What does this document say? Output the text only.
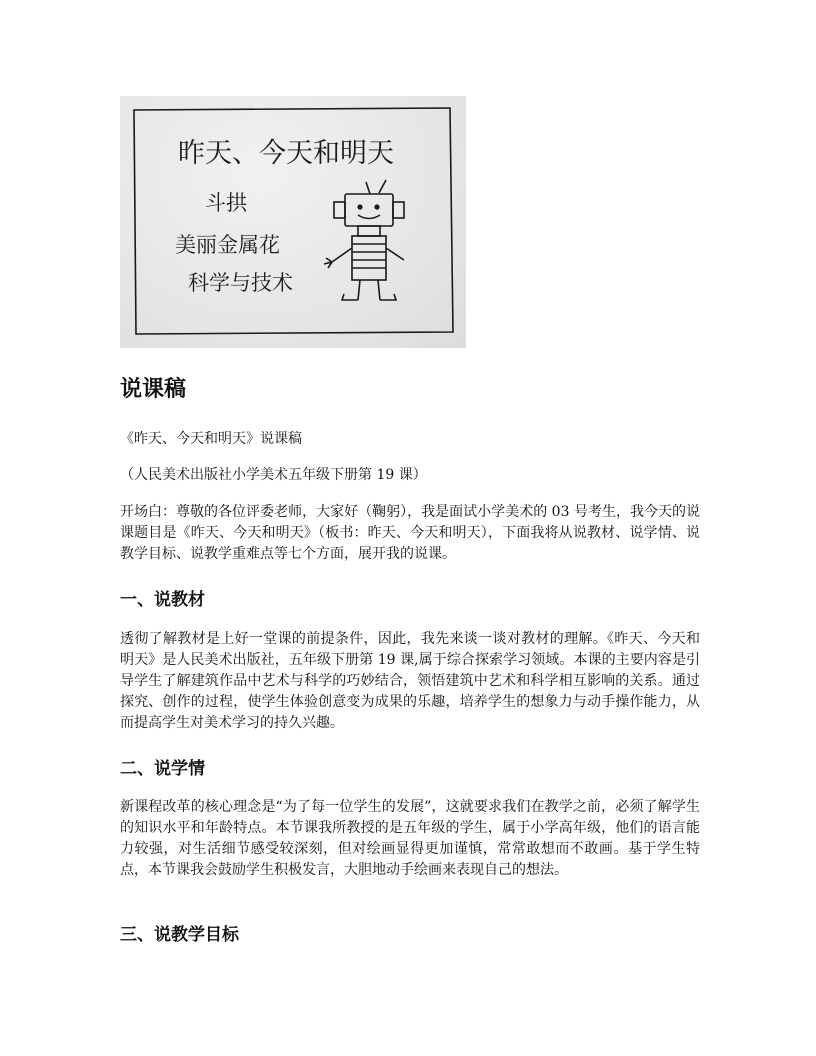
昨天、今天和明天
斗拱
美丽金属花
科学与技术
说课稿

《昨天、今天和明天》说课稿

（人民美术出版社小学美术五年级下册第 19 课）

开场白：尊敬的各位评委老师，大家好（鞠躬），我是面试小学美术的 03 号考生，我今天的说课题目是《昨天、今天和明天》（板书：昨天、今天和明天），下面我将从说教材、说学情、说教学目标、说教学重难点等七个方面，展开我的说课。

一、说教材

透彻了解教材是上好一堂课的前提条件，因此，我先来谈一谈对教材的理解。《昨天、今天和明天》是人民美术出版社，五年级下册第 19 课,属于综合探索学习领域。本课的主要内容是引导学生了解建筑作品中艺术与科学的巧妙结合，领悟建筑中艺术和科学相互影响的关系。通过探究、创作的过程，使学生体验创意变为成果的乐趣，培养学生的想象力与动手操作能力，从而提高学生对美术学习的持久兴趣。

二、说学情

新课程改革的核心理念是“为了每一位学生的发展”，这就要求我们在教学之前，必须了解学生的知识水平和年龄特点。本节课我所教授的是五年级的学生，属于小学高年级，他们的语言能力较强，对生活细节感受较深刻，但对绘画显得更加谨慎，常常敢想而不敢画。基于学生特点，本节课我会鼓励学生积极发言，大胆地动手绘画来表现自己的想法。

三、说教学目标
